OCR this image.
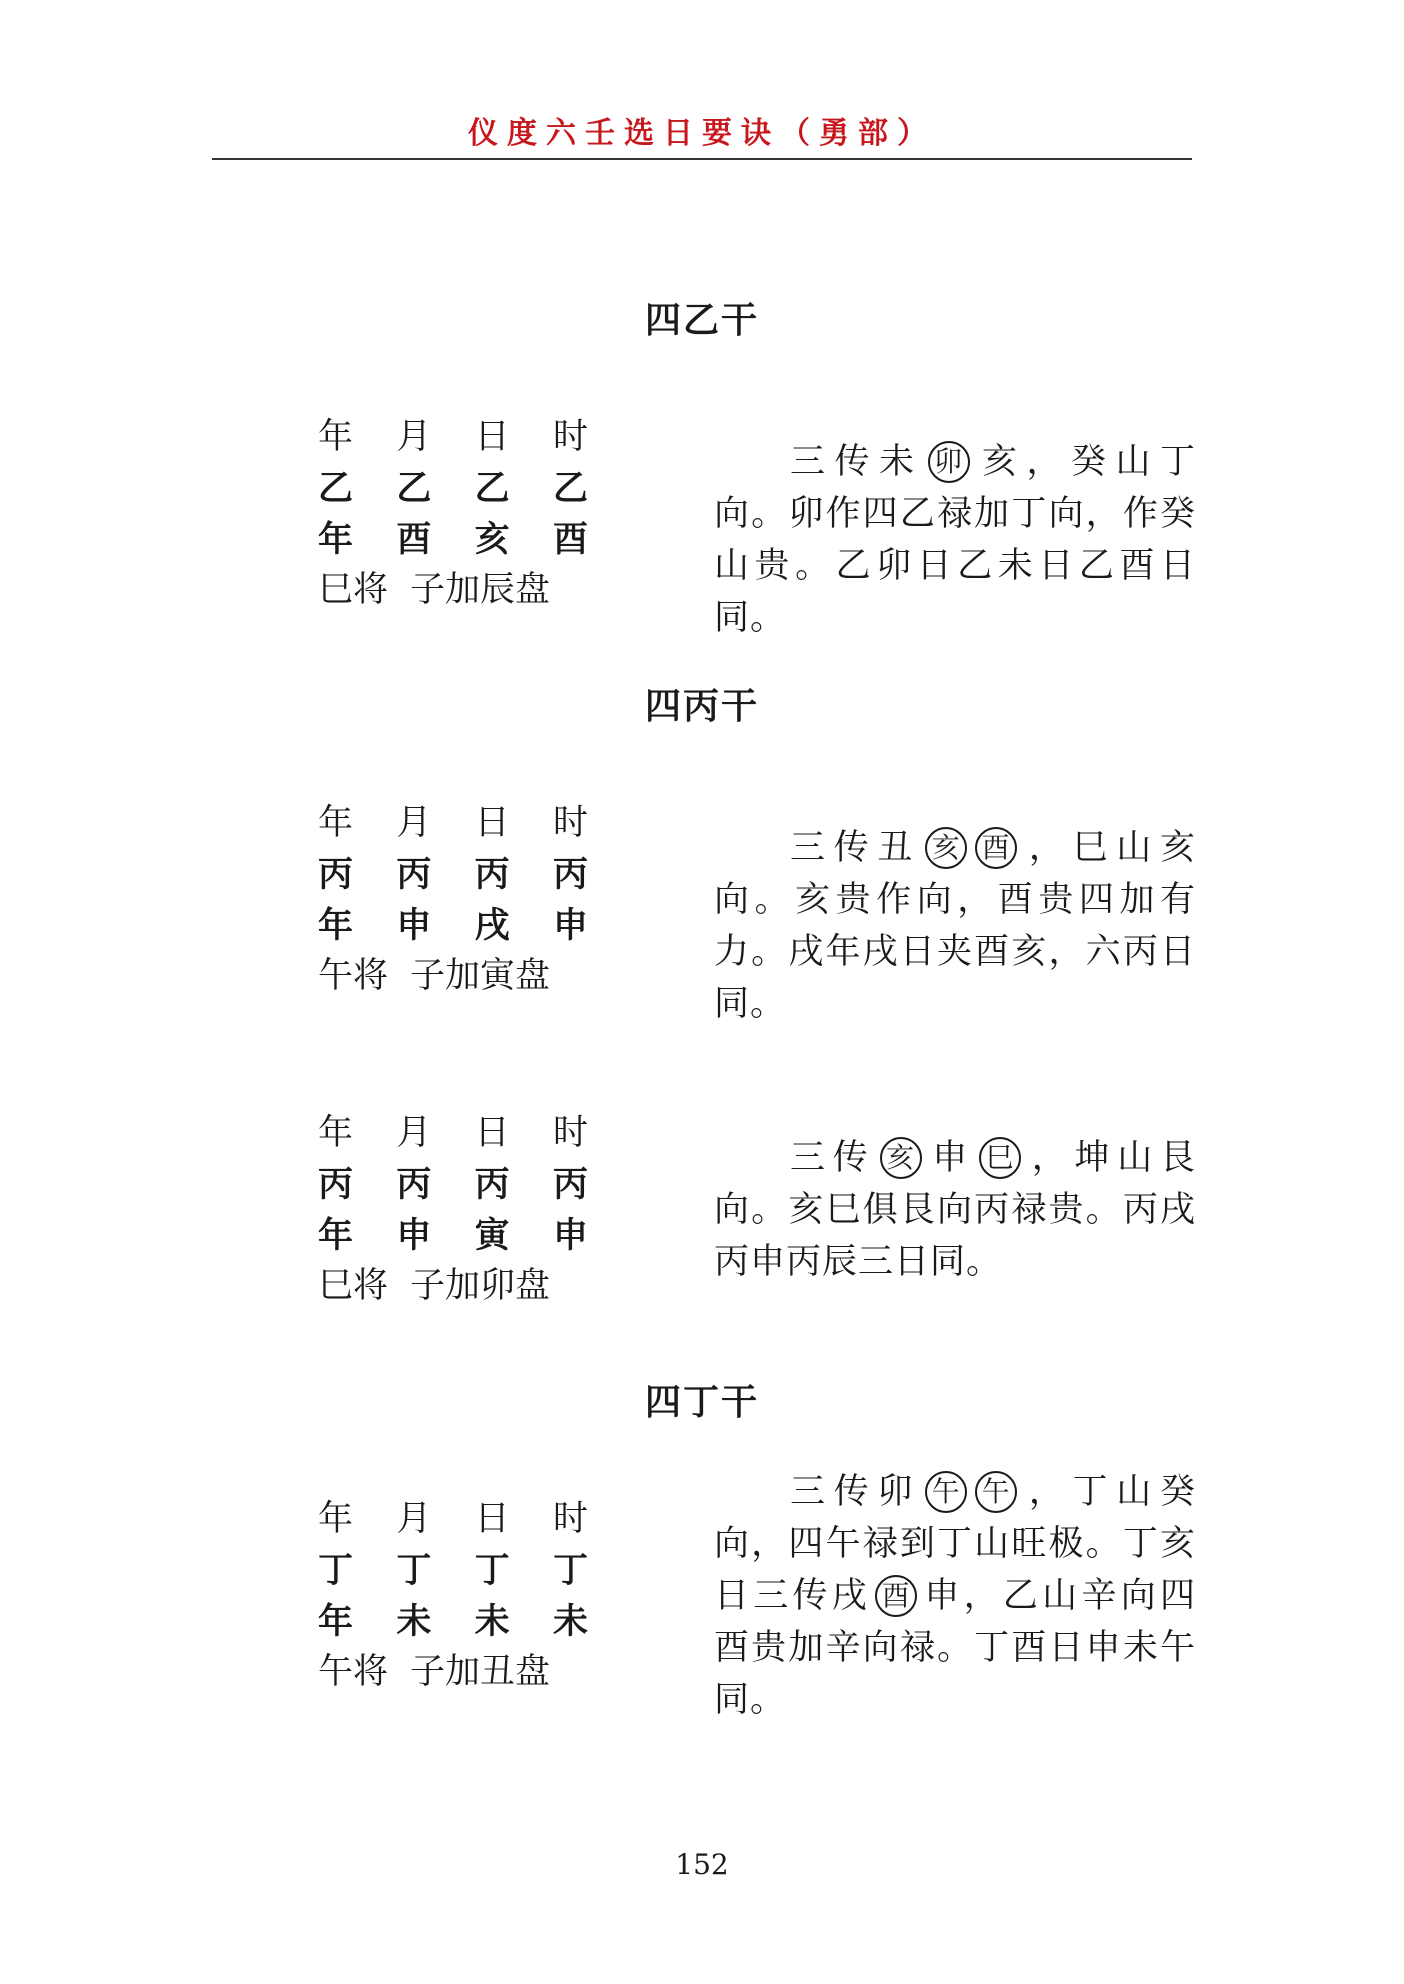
仪度六壬选日要诀（勇部）
四乙干
年 月 日 时
乙 乙 乙 乙
年 酉 亥 酉
巳将 子加辰盘
三传未 卯 亥，癸山丁向。卯作四乙禄加丁向，作癸山贵。乙卯日乙未日乙酉日同。
四丙干
年 月 日 时
丙 丙 丙 丙
年 申 戌 申
午将 子加寅盘
三传丑 亥 酉 ，巳山亥向。亥贵作向，酉贵四加有力。戌年戌日夹酉亥，六丙日同。
年 月 日 时
丙 丙 丙 丙
年 申 寅 申
巳将 子加卯盘
三传 亥 申 巳 ，坤山艮向。亥巳俱艮向丙禄贵。丙戌丙申丙辰三日同。
四丁干
年 月 日 时
丁 丁 丁 丁
年 未 未 未
午将 子加丑盘
三传卯 午 午 ，丁山癸向，四午禄到丁山旺极。丁亥日三传戌 酉 申，乙山辛向四酉贵加辛向禄。丁酉日申未午同。
152
